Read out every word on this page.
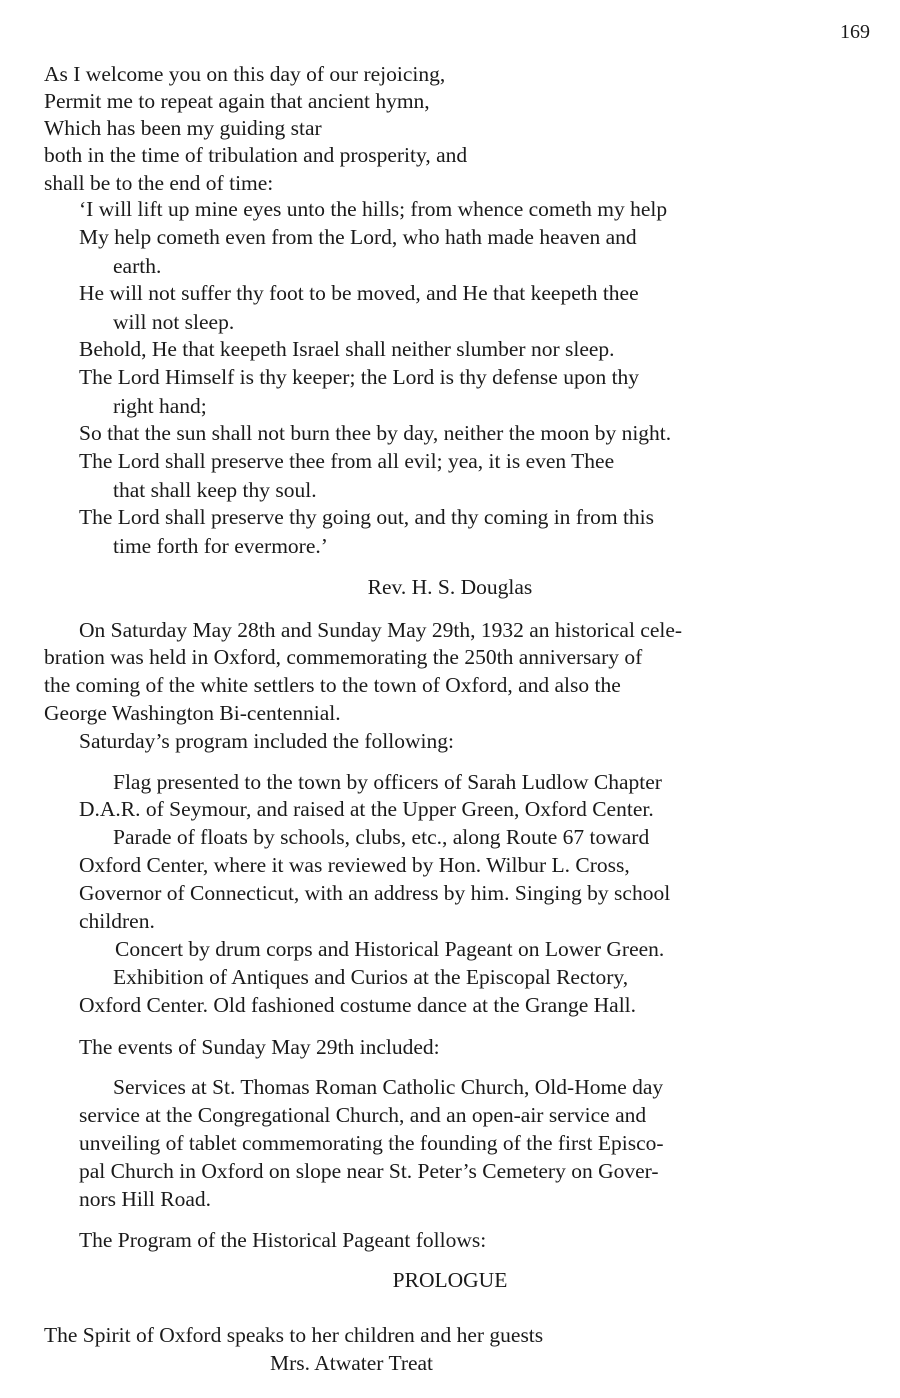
169
As I welcome you on this day of our rejoicing,
Permit me to repeat again that ancient hymn,
Which has been my guiding star
both in the time of tribulation and prosperity, and
shall be to the end of time:
‘I will lift up mine eyes unto the hills; from whence cometh my help
My help cometh even from the Lord, who hath made heaven and
earth.
He will not suffer thy foot to be moved, and He that keepeth thee
will not sleep.
Behold, He that keepeth Israel shall neither slumber nor sleep.
The Lord Himself is thy keeper; the Lord is thy defense upon thy
right hand;
So that the sun shall not burn thee by day, neither the moon by night.
The Lord shall preserve thee from all evil; yea, it is even Thee
that shall keep thy soul.
The Lord shall preserve thy going out, and thy coming in from this
time forth for evermore.’
Rev. H. S. Douglas
On Saturday May 28th and Sunday May 29th, 1932 an historical cele-
bration was held in Oxford, commemorating the 250th anniversary of
the coming of the white settlers to the town of Oxford, and also the
George Washington Bi-centennial.
Saturday’s program included the following:
Flag presented to the town by officers of Sarah Ludlow Chapter
D.A.R. of Seymour, and raised at the Upper Green, Oxford Center.
Parade of floats by schools, clubs, etc., along Route 67 toward
Oxford Center, where it was reviewed by Hon. Wilbur L. Cross,
Governor of Connecticut, with an address by him. Singing by school
children.
Concert by drum corps and Historical Pageant on Lower Green.
Exhibition of Antiques and Curios at the Episcopal Rectory,
Oxford Center. Old fashioned costume dance at the Grange Hall.
The events of Sunday May 29th included:
Services at St. Thomas Roman Catholic Church, Old-Home day
service at the Congregational Church, and an open-air service and
unveiling of tablet commemorating the founding of the first Episco-
pal Church in Oxford on slope near St. Peter’s Cemetery on Gover-
nors Hill Road.
The Program of the Historical Pageant follows:
PROLOGUE
The Spirit of Oxford speaks to her children and her guests
Mrs. Atwater Treat
